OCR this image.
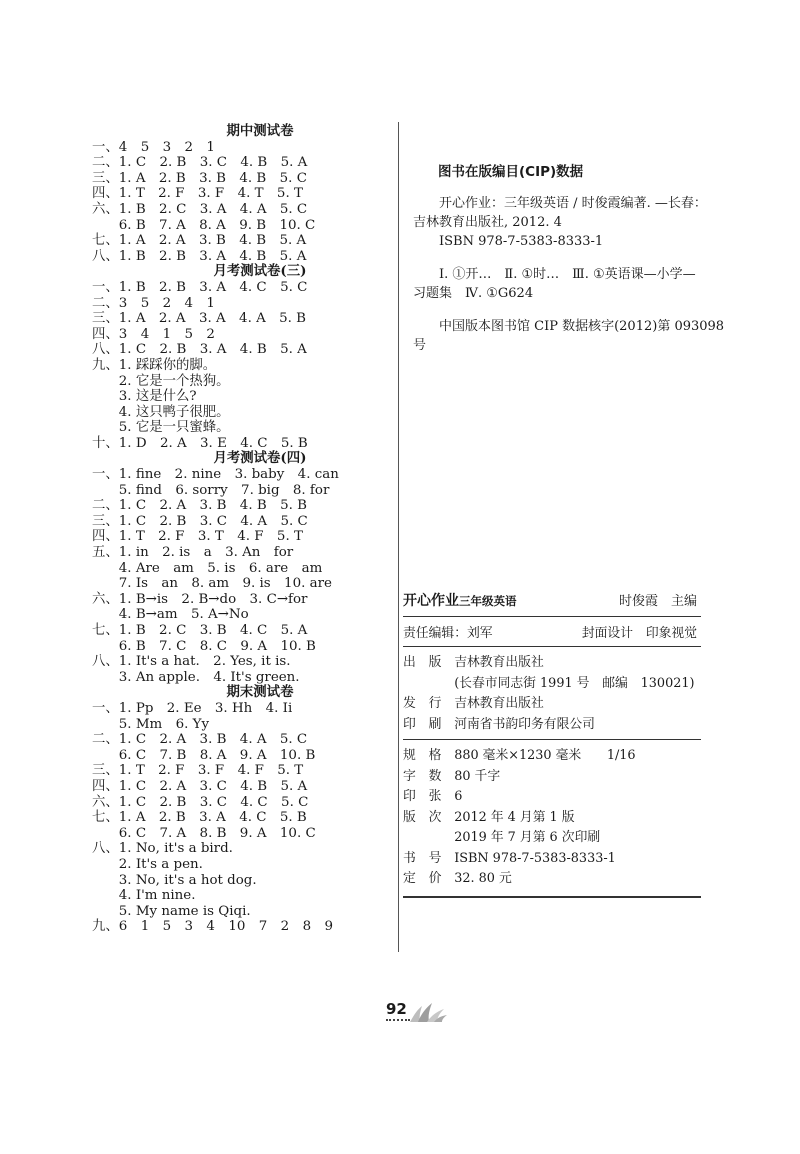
期中测试卷
一、4　5　3　2　1
二、1. C　2. B　3. C　4. B　5. A
三、1. A　2. B　3. B　4. B　5. C
四、1. T　2. F　3. F　4. T　5. T
六、1. B　2. C　3. A　4. A　5. C
　　6. B　7. A　8. A　9. B　10. C
七、1. A　2. A　3. B　4. B　5. A
八、1. B　2. B　3. A　4. B　5. A
月考测试卷(三)
一、1. B　2. B　3. A　4. C　5. C
二、3　5　2　4　1
三、1. A　2. A　3. A　4. A　5. B
四、3　4　1　5　2
八、1. C　2. B　3. A　4. B　5. A
九、1. 踩踩你的脚。
　　2. 它是一个热狗。
　　3. 这是什么?
　　4. 这只鸭子很肥。
　　5. 它是一只蜜蜂。
十、1. D　2. A　3. E　4. C　5. B
月考测试卷(四)
一、1. fine　2. nine　3. baby　4. can
　　5. find　6. sorry　7. big　8. for
二、1. C　2. A　3. B　4. B　5. B
三、1. C　2. B　3. C　4. A　5. C
四、1. T　2. F　3. T　4. F　5. T
五、1. in　2. is　a　3. An　for
　　4. Are　am　5. is　6. are　am
　　7. Is　an　8. am　9. is　10. are
六、1. B→is　2. B→do　3. C→for
　　4. B→am　5. A→No
七、1. B　2. C　3. B　4. C　5. A
　　6. B　7. C　8. C　9. A　10. B
八、1. It's a hat.　2. Yes, it is.
　　3. An apple.　4. It's green.
期末测试卷
一、1. Pp　2. Ee　3. Hh　4. Ii
　　5. Mm　6. Yy
二、1. C　2. A　3. B　4. A　5. C
　　6. C　7. B　8. A　9. A　10. B
三、1. T　2. F　3. F　4. F　5. T
四、1. C　2. A　3. C　4. B　5. A
六、1. C　2. B　3. C　4. C　5. C
七、1. A　2. B　3. A　4. C　5. B
　　6. C　7. A　8. B　9. A　10. C
八、1. No, it's a bird.
　　2. It's a pen.
　　3. No, it's a hot dog.
　　4. I'm nine.
　　5. My name is Qiqi.
九、6　1　5　3　4　10　7　2　8　9
图书在版编目(CIP)数据
　　开心作业：三年级英语 / 时俊霞编著. —长春：
吉林教育出版社, 2012. 4
　　ISBN 978-7-5383-8333-1
　　Ⅰ. ①开…　Ⅱ. ①时…　Ⅲ. ①英语课—小学—
习题集　Ⅳ. ①G624
　　中国版本图书馆 CIP 数据核字(2012)第 093098
号
开心作业三年级英语	时俊霞　主编
责任编辑：刘军	封面设计　印象视觉
出　版　吉林教育出版社
　　　　(长春市同志街 1991 号　邮编　130021)
发　行　吉林教育出版社
印　刷　河南省书韵印务有限公司
规　格　880 毫米×1230 毫米　　1/16
字　数　80 千字
印　张　6
版　次　2012 年 4 月第 1 版
　　　　2019 年 7 月第 6 次印刷
书　号　ISBN 978-7-5383-8333-1
定　价　32. 80 元
92
